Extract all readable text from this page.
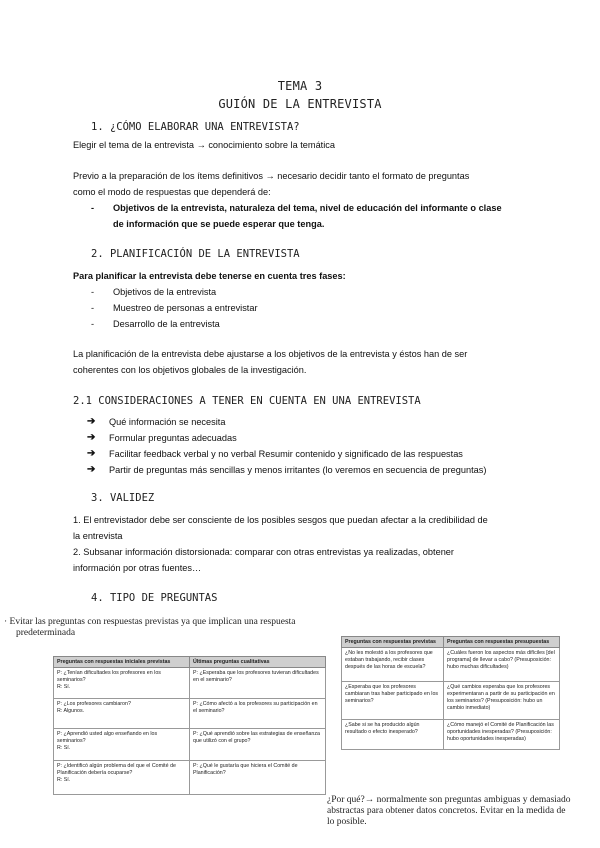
TEMA 3
GUIÓN DE LA ENTREVISTA
1. ¿CÓMO ELABORAR UNA ENTREVISTA?
Elegir el tema de la entrevista → conocimiento sobre la temática
Previo a la preparación de los ítems definitivos → necesario decidir tanto el formato de preguntas
como el modo de respuestas que dependerá de:
- Objetivos de la entrevista, naturaleza del tema, nivel de educación del informante o clase
de información que se puede esperar que tenga.
2. PLANIFICACIÓN DE LA ENTREVISTA
Para planificar la entrevista debe tenerse en cuenta tres fases:
- Objetivos de la entrevista
- Muestreo de personas a entrevistar
- Desarrollo de la entrevista
La planificación de la entrevista debe ajustarse a los objetivos de la entrevista y éstos han de ser
coherentes con los objetivos globales de la investigación.
2.1 CONSIDERACIONES A TENER EN CUENTA EN UNA ENTREVISTA
➔	Qué información se necesita
➔	Formular preguntas adecuadas
➔	Facilitar feedback verbal y no verbal Resumir contenido y significado de las respuestas
➔	Partir de preguntas más sencillas y menos irritantes (lo veremos en secuencia de preguntas)
3. VALIDEZ
1. El entrevistador debe ser consciente de los posibles sesgos que puedan afectar a la credibilidad de
la entrevista
2. Subsanar información distorsionada: comparar con otras entrevistas ya realizadas, obtener
información por otras fuentes…
4. TIPO DE PREGUNTAS
· Evitar las preguntas con respuestas previstas ya que implican una respuesta
predeterminada
Preguntas con respuestas iniciales previstas	Últimas preguntas cualitativas
P: ¿Tenían dificultades los profesores en los seminarios?
R: Sí.	P: ¿Esperaba que los profesores tuvieran dificultades en el seminario?
P: ¿Los profesores cambiaron?
R: Algunos.	P: ¿Cómo afectó a los profesores su participación en el seminario?
P: ¿Aprendió usted algo enseñando en los seminarios?
R: Sí.	P: ¿Qué aprendió sobre las estrategias de enseñanza que utilizó con el grupo?
P: ¿Identificó algún problema del que el Comité de Planificación debería ocuparse?
R: Sí.	P: ¿Qué le gustaría que hiciera el Comité de Planificación?
Preguntas con respuestas previstas	Preguntas con respuestas presupuestas
¿No les molestó a los profesores que estaban trabajando, recibir clases después de las horas de escuela?	¿Cuáles fueron los aspectos más difíciles [del programa] de llevar a cabo? (Presuposición: hubo muchas dificultades)
¿Esperaba que los profesores cambiaran tras haber participado en los seminarios?	¿Qué cambios esperaba que los profesores experimentaran a partir de su participación en los seminarios? (Presuposición: hubo un cambio inmediato)
¿Sabe si se ha producido algún resultado o efecto inesperado?	¿Cómo manejó el Comité de Planificación las oportunidades inesperadas? (Presuposición: hubo oportunidades inesperadas)
¿Por qué?→ normalmente son preguntas ambiguas y demasiado
abstractas para obtener datos concretos. Evitar en la medida de
lo posible.
